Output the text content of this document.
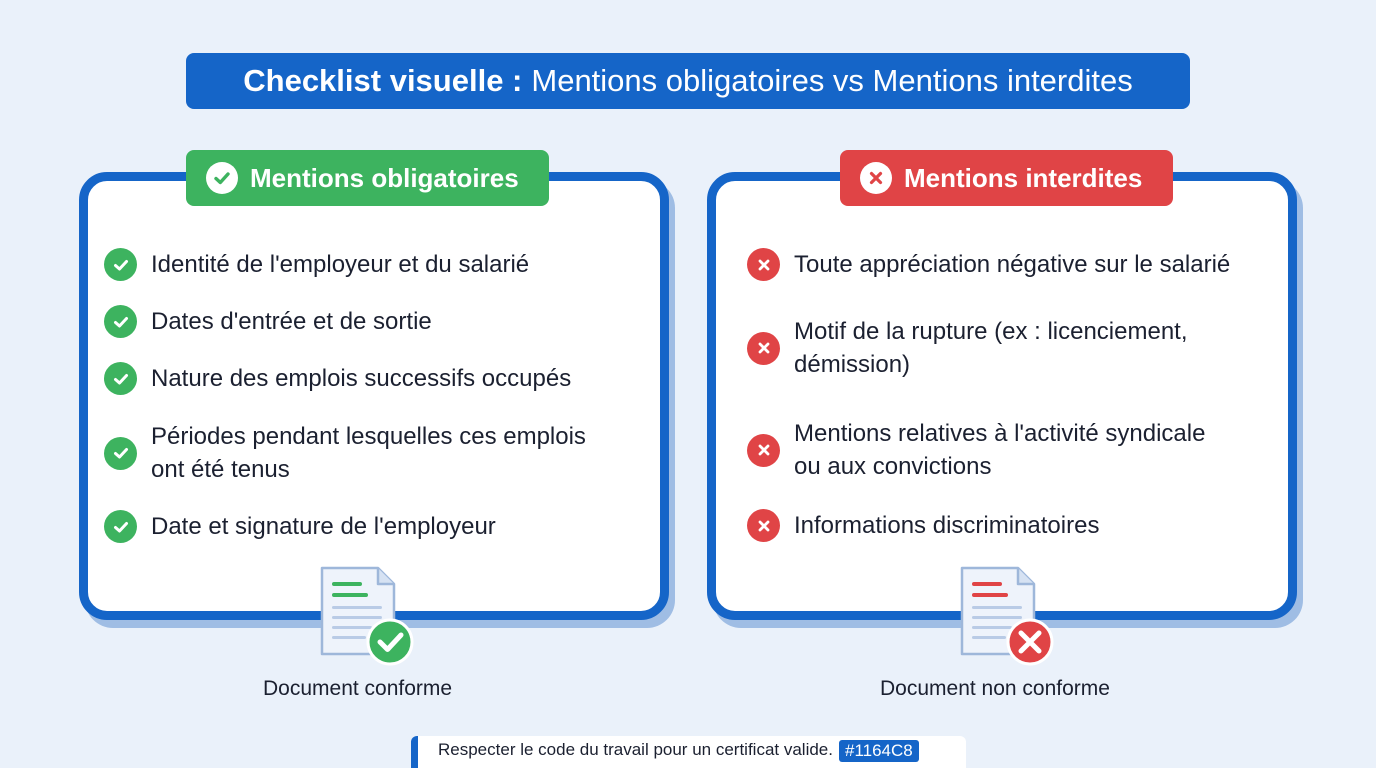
Checklist visuelle : Mentions obligatoires vs Mentions interdites
Mentions obligatoires	Mentions interdites
Identité de l'employeur et du salarié
Dates d'entrée et de sortie
Nature des emplois successifs occupés
Périodes pendant lesquelles ces emplois
ont été tenus
Date et signature de l'employeur
Toute appréciation négative sur le salarié
Motif de la rupture (ex : licenciement,
démission)
Mentions relatives à l'activité syndicale
ou aux convictions
Informations discriminatoires
Document conforme	Document non conforme
Respecter le code du travail pour un certificat valide. #1164C8
